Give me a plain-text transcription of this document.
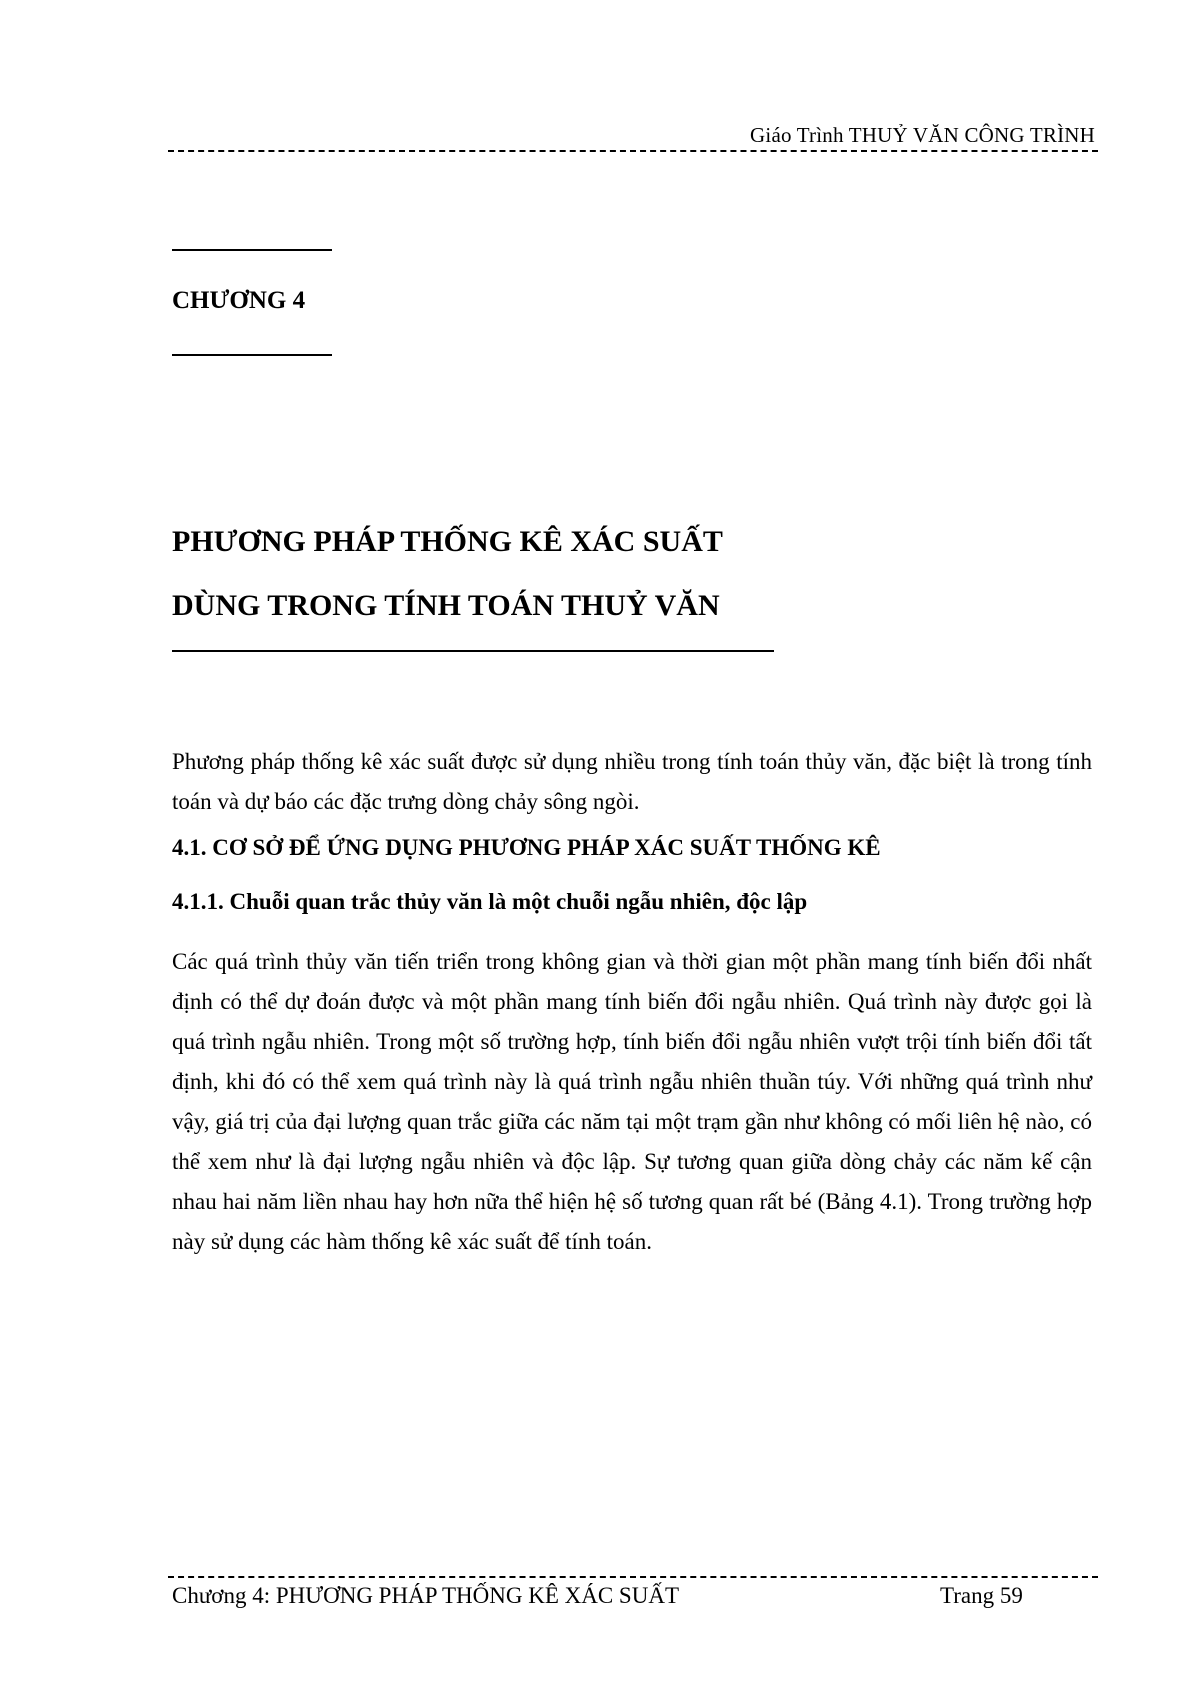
Giáo Trình THUỶ VĂN CÔNG TRÌNH
CHƯƠNG 4
PHƯƠNG PHÁP THỐNG KÊ XÁC SUẤT
DÙNG TRONG TÍNH TOÁN THUỶ VĂN
Phương pháp thống kê xác suất được sử dụng nhiều trong tính toán thủy văn, đặc biệt là trong tính toán và dự báo các đặc trưng dòng chảy sông ngòi.
4.1. CƠ SỞ ĐỂ ỨNG DỤNG PHƯƠNG PHÁP XÁC SUẤT THỐNG KÊ
4.1.1. Chuỗi quan trắc thủy văn là một chuỗi ngẫu nhiên, độc lập
Các quá trình thủy văn tiến triển trong không gian và thời gian một phần mang tính biến đổi nhất định có thể dự đoán được và một phần mang tính biến đổi ngẫu nhiên. Quá trình này được gọi là quá trình ngẫu nhiên. Trong một số trường hợp, tính biến đổi ngẫu nhiên vượt trội tính biến đổi tất định, khi đó có thể xem quá trình này là quá trình ngẫu nhiên thuần túy. Với những quá trình như vậy, giá trị của đại lượng quan trắc giữa các năm tại một trạm gần như không có mối liên hệ nào, có thể xem như là đại lượng ngẫu nhiên và độc lập. Sự tương quan giữa dòng chảy các năm kế cận nhau hai năm liền nhau hay hơn nữa thể hiện hệ số tương quan rất bé (Bảng 4.1). Trong trường hợp này sử dụng các hàm thống kê xác suất để tính toán.
Chương 4: PHƯƠNG PHÁP THỐNG KÊ XÁC SUẤT	Trang 59
